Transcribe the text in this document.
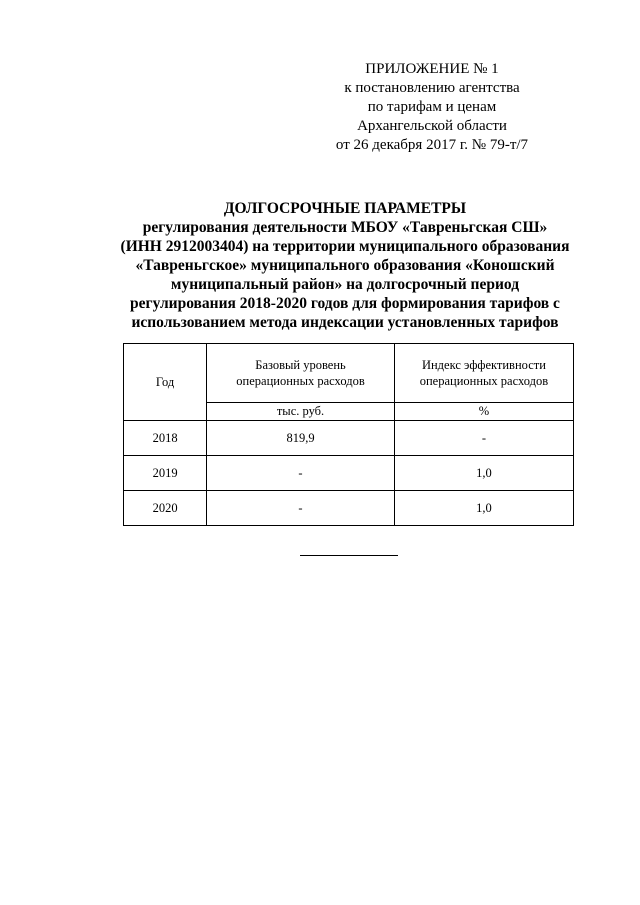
ПРИЛОЖЕНИЕ № 1
к постановлению агентства
по тарифам и ценам
Архангельской области
от 26 декабря 2017 г. № 79-т/7
ДОЛГОСРОЧНЫЕ ПАРАМЕТРЫ
регулирования деятельности МБОУ «Тавреньгская СШ»
(ИНН 2912003404) на территории муниципального образования
«Тавреньгское» муниципального образования «Коношский
муниципальный район» на долгосрочный период
регулирования 2018-2020 годов для формирования тарифов с
использованием метода индексации установленных тарифов
Год	Базовый уровень операционных расходов	Индекс эффективности операционных расходов

	тыс. руб.	%
2018	819,9	-
2019	-	1,0
2020	-	1,0
